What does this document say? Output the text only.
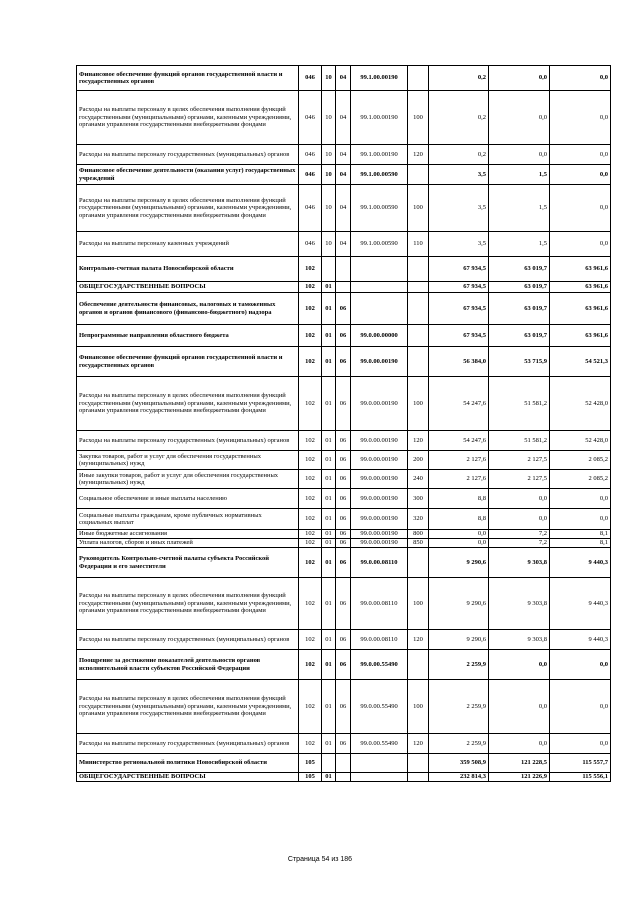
Финансовое обеспечение функций органов государственной власти и государственных органов	046	10	04	99.1.00.00190		0,2	0,0	0,0
Расходы на выплаты персоналу в целях обеспечения выполнения функций государственными (муниципальными) органами, казенными учреждениями, органами управления государственными внебюджетными фондами	046	10	04	99.1.00.00190	100	0,2	0,0	0,0
Расходы на выплаты персоналу государственных (муниципальных) органов	046	10	04	99.1.00.00190	120	0,2	0,0	0,0
Финансовое обеспечение деятельности (оказания услуг) государственных учреждений	046	10	04	99.1.00.00590		3,5	1,5	0,0
Расходы на выплаты персоналу в целях обеспечения выполнения функций государственными (муниципальными) органами, казенными учреждениями, органами управления государственными внебюджетными фондами	046	10	04	99.1.00.00590	100	3,5	1,5	0,0
Расходы на выплаты персоналу казенных учреждений	046	10	04	99.1.00.00590	110	3,5	1,5	0,0
Контрольно-счетная палата Новосибирской области	102					67 934,5	63 019,7	63 961,6
ОБЩЕГОСУДАРСТВЕННЫЕ ВОПРОСЫ	102	01				67 934,5	63 019,7	63 961,6
Обеспечение деятельности финансовых, налоговых и таможенных органов и органов финансового (финансово-бюджетного) надзора	102	01	06			67 934,5	63 019,7	63 961,6
Непрограммные направления областного бюджета	102	01	06	99.0.00.00000		67 934,5	63 019,7	63 961,6
Финансовое обеспечение функций органов государственной власти и государственных органов	102	01	06	99.0.00.00190		56 384,0	53 715,9	54 521,3
Расходы на выплаты персоналу в целях обеспечения выполнения функций государственными (муниципальными) органами, казенными учреждениями, органами управления государственными внебюджетными фондами	102	01	06	99.0.00.00190	100	54 247,6	51 581,2	52 428,0
Расходы на выплаты персоналу государственных (муниципальных) органов	102	01	06	99.0.00.00190	120	54 247,6	51 581,2	52 428,0
Закупка товаров, работ и услуг для обеспечения государственных (муниципальных) нужд	102	01	06	99.0.00.00190	200	2 127,6	2 127,5	2 085,2
Иные закупки товаров, работ и услуг для обеспечения государственных (муниципальных) нужд	102	01	06	99.0.00.00190	240	2 127,6	2 127,5	2 085,2
Социальное обеспечение и иные выплаты населению	102	01	06	99.0.00.00190	300	8,8	0,0	0,0
Социальные выплаты гражданам, кроме публичных нормативных социальных выплат	102	01	06	99.0.00.00190	320	8,8	0,0	0,0
Иные бюджетные ассигнования	102	01	06	99.0.00.00190	800	0,0	7,2	8,1
Уплата налогов, сборов и иных платежей	102	01	06	99.0.00.00190	850	0,0	7,2	8,1
Руководитель Контрольно-счетной палаты субъекта Российской Федерации и его заместители	102	01	06	99.0.00.08110		9 290,6	9 303,8	9 440,3
Расходы на выплаты персоналу в целях обеспечения выполнения функций государственными (муниципальными) органами, казенными учреждениями, органами управления государственными внебюджетными фондами	102	01	06	99.0.00.08110	100	9 290,6	9 303,8	9 440,3
Расходы на выплаты персоналу государственных (муниципальных) органов	102	01	06	99.0.00.08110	120	9 290,6	9 303,8	9 440,3
Поощрение за достижение показателей деятельности органов исполнительной власти субъектов Российской Федерации	102	01	06	99.0.00.55490		2 259,9	0,0	0,0
Расходы на выплаты персоналу в целях обеспечения выполнения функций государственными (муниципальными) органами, казенными учреждениями, органами управления государственными внебюджетными фондами	102	01	06	99.0.00.55490	100	2 259,9	0,0	0,0
Расходы на выплаты персоналу государственных (муниципальных) органов	102	01	06	99.0.00.55490	120	2 259,9	0,0	0,0
Министерство региональной политики Новосибирской области	105					359 508,9	121 228,5	115 557,7
ОБЩЕГОСУДАРСТВЕННЫЕ ВОПРОСЫ	105	01				232 814,3	121 226,9	115 556,1
Страница 54 из 186
